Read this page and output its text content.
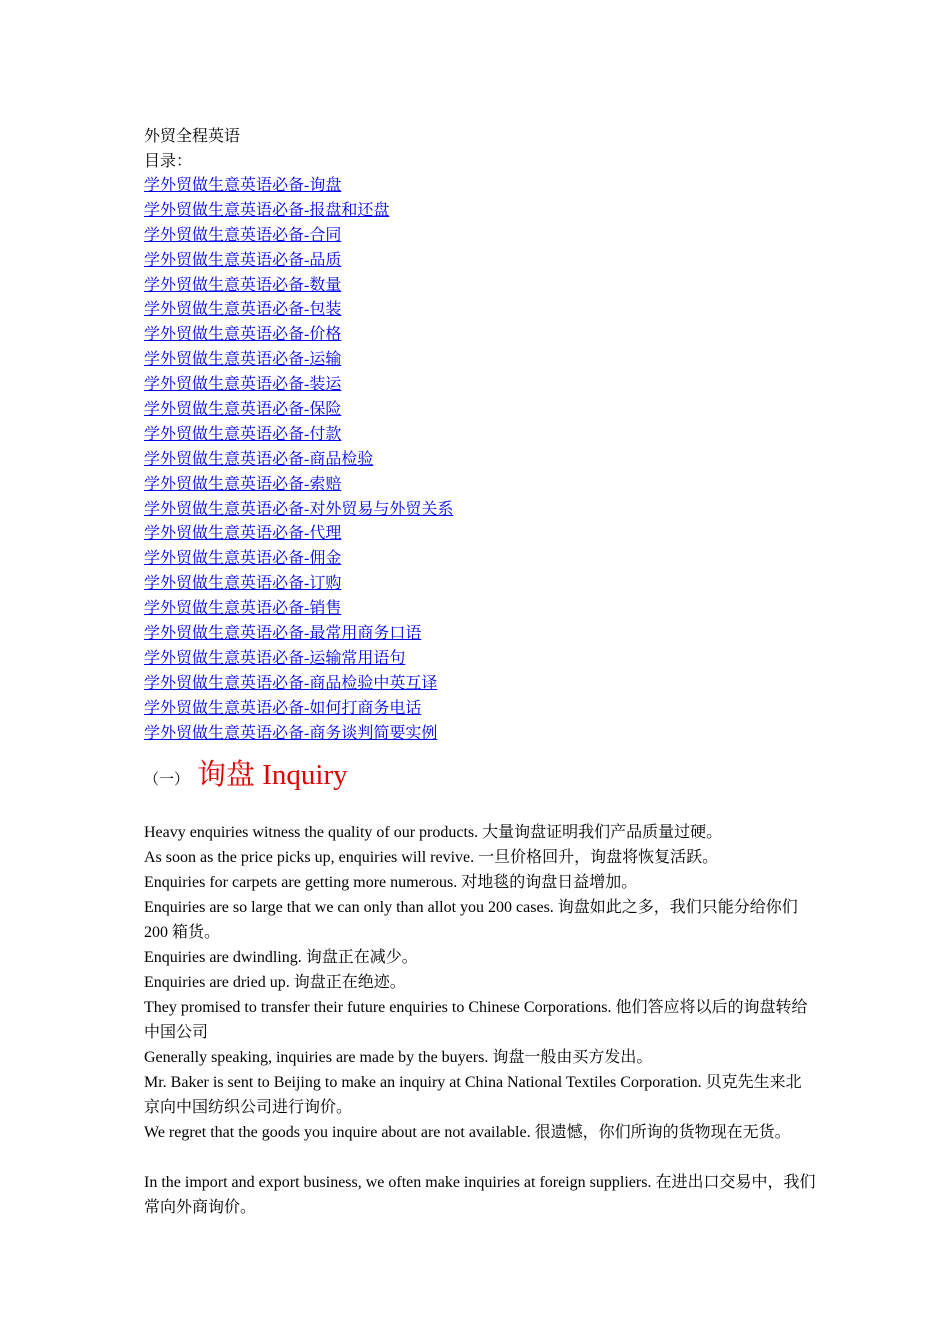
外贸全程英语
目录：
学外贸做生意英语必备-询盘
学外贸做生意英语必备-报盘和还盘
学外贸做生意英语必备-合同
学外贸做生意英语必备-品质
学外贸做生意英语必备-数量
学外贸做生意英语必备-包装
学外贸做生意英语必备-价格
学外贸做生意英语必备-运输
学外贸做生意英语必备-装运
学外贸做生意英语必备-保险
学外贸做生意英语必备-付款
学外贸做生意英语必备-商品检验
学外贸做生意英语必备-索赔
学外贸做生意英语必备-对外贸易与外贸关系
学外贸做生意英语必备-代理
学外贸做生意英语必备-佣金
学外贸做生意英语必备-订购
学外贸做生意英语必备-销售
学外贸做生意英语必备-最常用商务口语
学外贸做生意英语必备-运输常用语句
学外贸做生意英语必备-商品检验中英互译
学外贸做生意英语必备-如何打商务电话
学外贸做生意英语必备-商务谈判简要实例
（一） 询盘 Inquiry

Heavy enquiries witness the quality of our products. 大量询盘证明我们产品质量过硬。

As soon as the price picks up, enquiries will revive. 一旦价格回升，询盘将恢复活跃。

Enquiries for carpets are getting more numerous. 对地毯的询盘日益增加。

Enquiries are so large that we can only than allot you 200 cases. 询盘如此之多，我们只能分给你们 200 箱货。

Enquiries are dwindling. 询盘正在减少。

Enquiries are dried up. 询盘正在绝迹。

They promised to transfer their future enquiries to Chinese Corporations. 他们答应将以后的询盘转给中国公司

Generally speaking, inquiries are made by the buyers. 询盘一般由买方发出。

Mr. Baker is sent to Beijing to make an inquiry at China National Textiles Corporation. 贝克先生来北京向中国纺织公司进行询价。

We regret that the goods you inquire about are not available. 很遗憾，你们所询的货物现在无货。

In the import and export business, we often make inquiries at foreign suppliers. 在进出口交易中，我们常向外商询价。
